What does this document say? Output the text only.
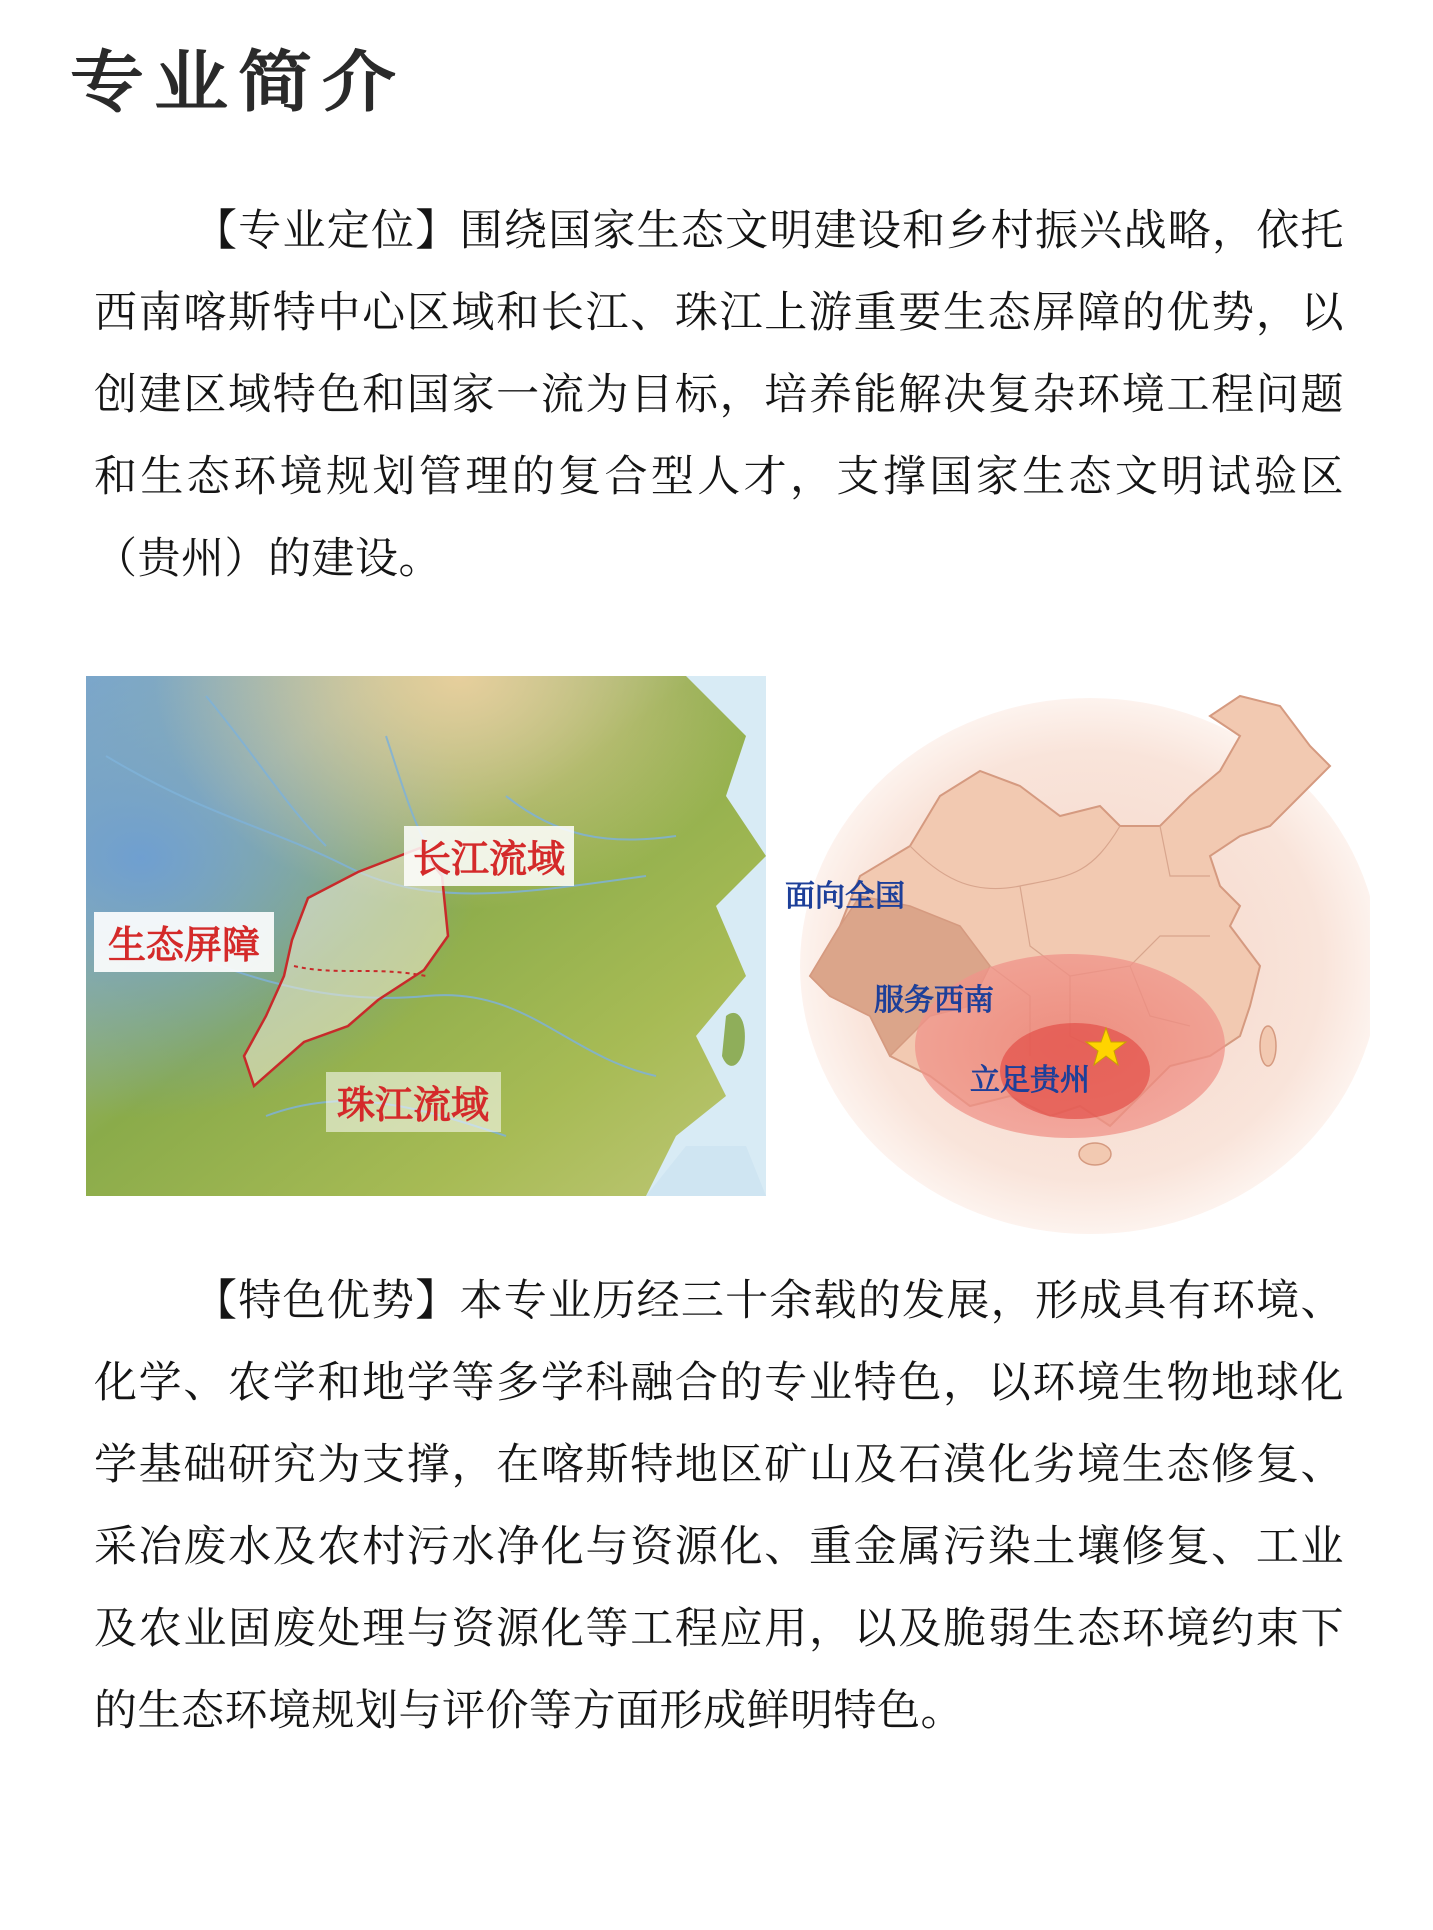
专业简介

【专业定位】围绕国家生态文明建设和乡村振兴战略，依托西南喀斯特中心区域和长江、珠江上游重要生态屏障的优势，以创建区域特色和国家一流为目标，培养能解决复杂环境工程问题和生态环境规划管理的复合型人才，支撑国家生态文明试验区（贵州）的建设。

长江流域
生态屏障
珠江流域
面向全国
服务西南
立足贵州

【特色优势】本专业历经三十余载的发展，形成具有环境、化学、农学和地学等多学科融合的专业特色，以环境生物地球化学基础研究为支撑，在喀斯特地区矿山及石漠化劣境生态修复、采冶废水及农村污水净化与资源化、重金属污染土壤修复、工业及农业固废处理与资源化等工程应用，以及脆弱生态环境约束下的生态环境规划与评价等方面形成鲜明特色。
